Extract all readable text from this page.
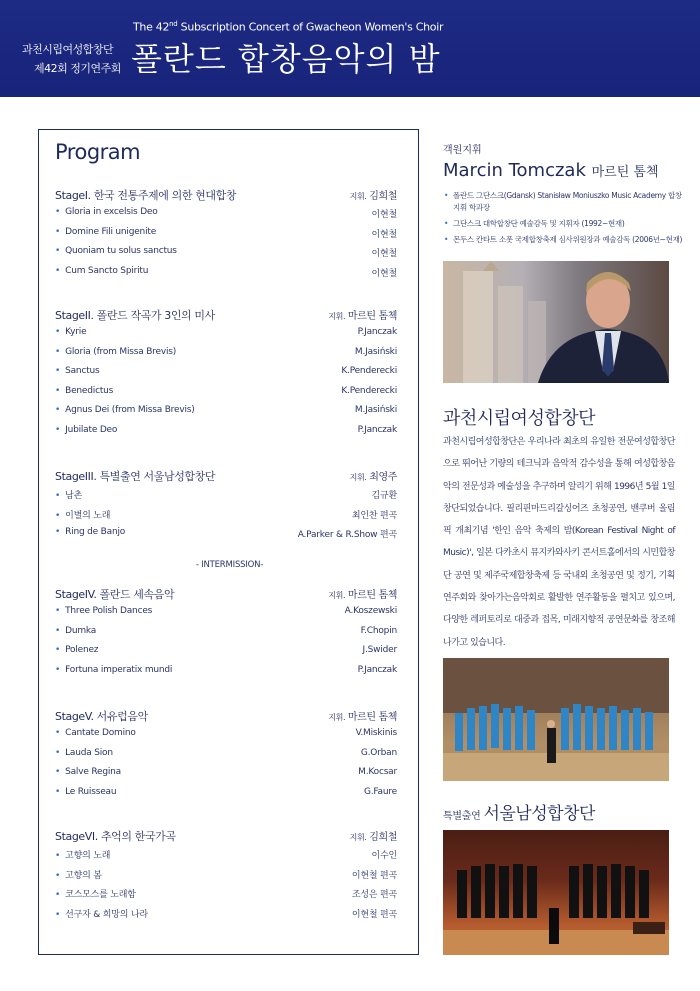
과천시립여성합창단
제42회 정기연주회
The 42nd Subscription Concert of Gwacheon Women's Choir
폴란드 합창음악의 밤
Program
StageI. 한국 전통주제에 의한 현대합창	지휘. 김희철
• Gloria in excelsis Deo	이현철
• Domine Fili unigenite	이현철
• Quoniam tu solus sanctus	이현철
• Cum Sancto Spiritu	이현철
StageII. 폴란드 작곡가 3인의 미사	지휘. 마르틴 톰첵
• Kyrie	P.Janczak
• Gloria (from Missa Brevis)	M.Jasiński
• Sanctus	K.Penderecki
• Benedictus	K.Penderecki
• Agnus Dei (from Missa Brevis)	M.Jasiński
• Jubilate Deo	P.Janczak
StageIII. 특별출연 서울남성합창단	지휘. 최영주
• 남촌	김규환
• 이별의 노래	최인찬 편곡
• Ring de Banjo	A.Parker & R.Show 편곡
StageIV. 폴란드 세속음악	지휘. 마르틴 톰첵
• Three Polish Dances	A.Koszewski
• Dumka	F.Chopin
• Polenez	J.Swider
• Fortuna imperatix mundi	P.Janczak
StageV. 서유럽음악	지휘. 마르틴 톰첵
• Cantate Domino	V.Miskinis
• Lauda Sion	G.Orban
• Salve Regina	M.Kocsar
• Le Ruisseau	G.Faure
StageVI. 추억의 한국가곡	지휘. 김희철
• 고향의 노래	이수인
• 고향의 봄	이현철 편곡
• 코스모스를 노래함	조성은 편곡
• 선구자 & 희망의 나라	이현철 편곡
- INTERMISSION-
객원지휘
Marcin Tomczak 마르틴 톰첵
• 폴란드 그단스크(Gdansk) Stanisław Moniuszko Music Academy 합창지휘 학과장
• 그단스크 대학합창단 예술감독 및 지휘자 (1992~현재)
• 몬두스 칸타트 소폿 국제합창축제 심사위원장과 예술감독 (2006년~현재)
과천시립여성합창단
과천시립여성합창단은 우리나라 최초의 유일한 전문여성합창단으로 뛰어난 기량의 테크닉과 음악적 감수성을 통해 여성합창음악의 전문성과 예술성을 추구하며 알리기 위해 1996년 5월 1일 창단되었습니다. 필리핀마드리갈싱어즈 초청공연, 밴쿠버 올림픽 개최기념 '한인 음악 축제의 밤(Korean Festival Night of Music)', 일본 다카초시 뮤지카와사키 콘서트홀에서의 시민합창단 공연 및 제주국제합창축제 등 국내외 초청공연 및 정기, 기획연주회와 찾아가는음악회로 활발한 연주활동을 펼치고 있으며, 다양한 레퍼토리로 대중과 접목, 미래지향적 공연문화를 창조해 나가고 있습니다.
특별출연 서울남성합창단
